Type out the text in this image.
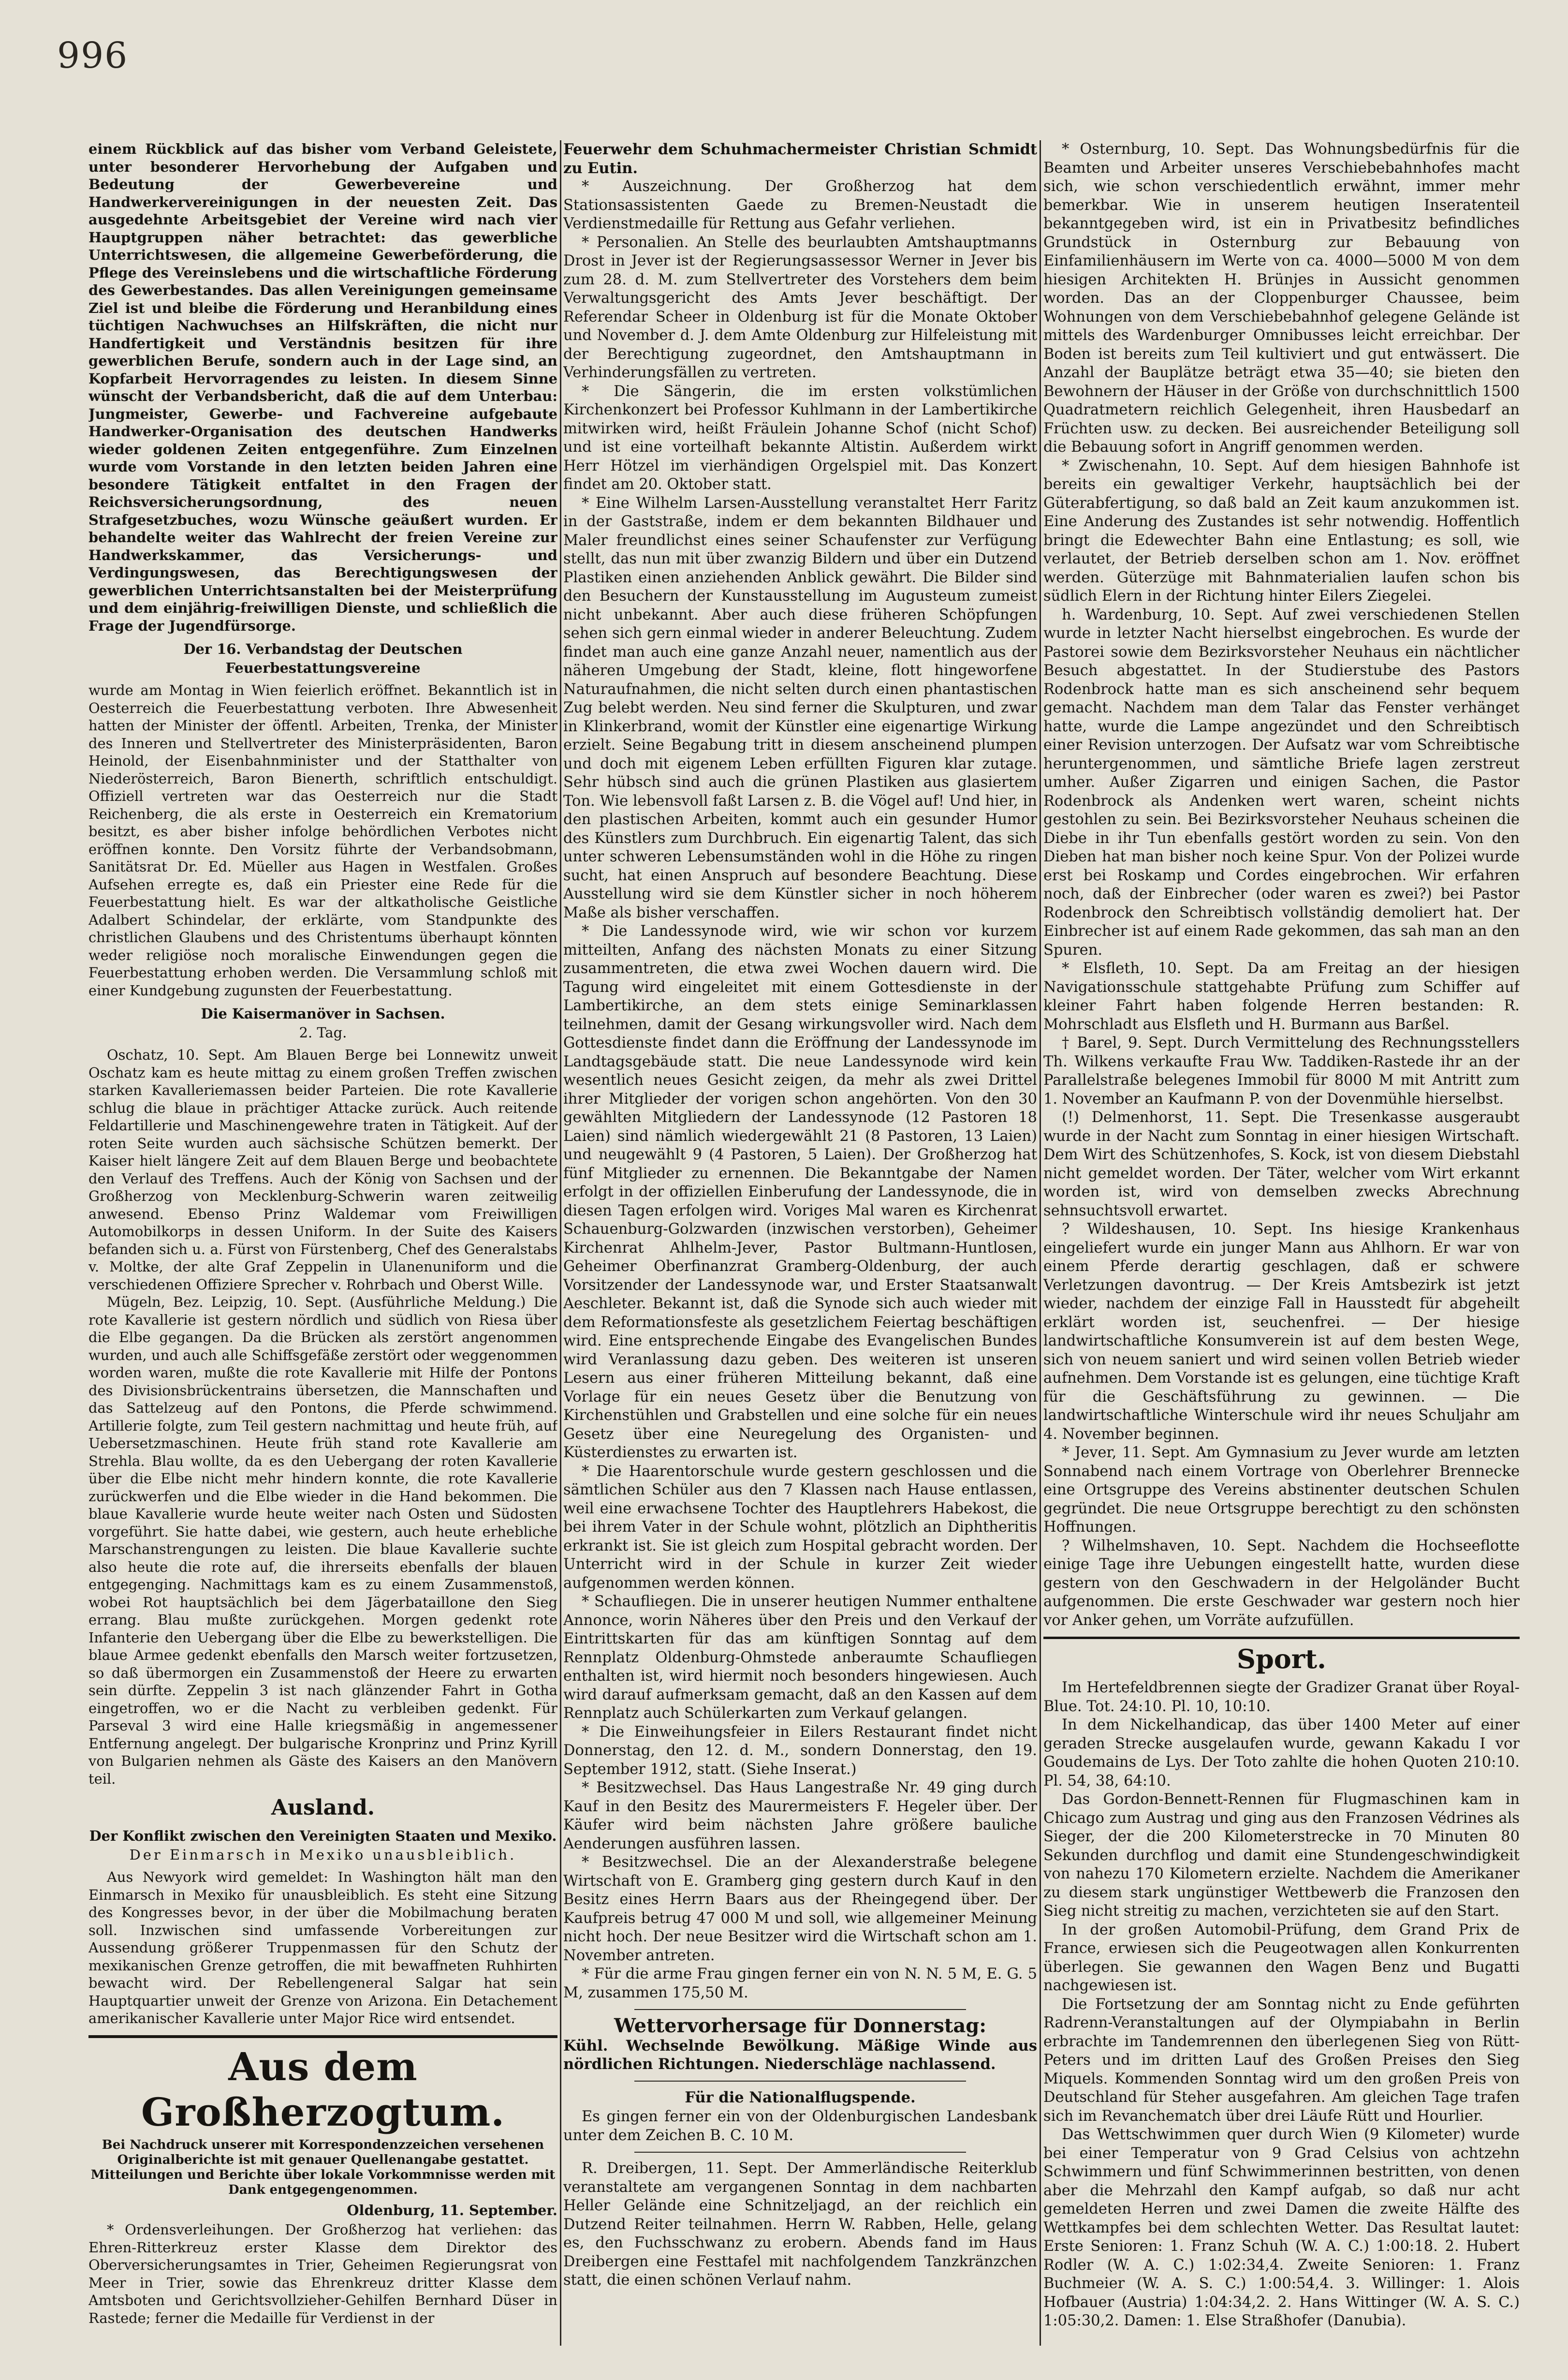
996

einem Rückblick auf das bisher vom Verband Geleistete, unter besonderer Hervorhebung der Aufgaben und Bedeutung der Gewerbevereine und Handwerkervereinigungen in der neuesten Zeit. Das ausgedehnte Arbeitsgebiet der Vereine wird nach vier Hauptgruppen näher betrachtet: das gewerbliche Unterrichtswesen, die allgemeine Gewerbeförderung, die Pflege des Vereinslebens und die wirtschaftliche Förderung des Gewerbestandes. Das allen Vereinigungen gemeinsame Ziel ist und bleibe die Förderung und Heranbildung eines tüchtigen Nachwuchses an Hilfskräften, die nicht nur Handfertigkeit und Verständnis besitzen für ihre gewerblichen Berufe, sondern auch in der Lage sind, an Kopfarbeit Hervorragendes zu leisten. In diesem Sinne wünscht der Verbandsbericht, daß die auf dem Unterbau: Jungmeister, Gewerbe- und Fachvereine aufgebaute Handwerker-Organisation des deutschen Handwerks wieder goldenen Zeiten entgegenführe. Zum Einzelnen wurde vom Vorstande in den letzten beiden Jahren eine besondere Tätigkeit entfaltet in den Fragen der Reichsversicherungsordnung, des neuen Strafgesetzbuches, wozu Wünsche geäußert wurden. Er behandelte weiter das Wahlrecht der freien Vereine zur Handwerkskammer, das Versicherungs- und Verdingungswesen, das Berechtigungswesen der gewerblichen Unterrichtsanstalten bei der Meisterprüfung und dem einjährig-freiwilligen Dienste, und schließlich die Frage der Jugendfürsorge.

Der 16. Verbandstag der Deutschen

Feuerbestattungsvereine

wurde am Montag in Wien feierlich eröffnet. Bekanntlich ist in Oesterreich die Feuerbestattung verboten. Ihre Abwesenheit hatten der Minister der öffentl. Arbeiten, Trenka, der Minister des Inneren und Stellvertreter des Ministerpräsidenten, Baron Heinold, der Eisenbahnminister und der Statthalter von Niederösterreich, Baron Bienerth, schriftlich entschuldigt. Offiziell vertreten war das Oesterreich nur die Stadt Reichenberg, die als erste in Oesterreich ein Krematorium besitzt, es aber bisher infolge behördlichen Verbotes nicht eröffnen konnte. Den Vorsitz führte der Verbandsobmann, Sanitätsrat Dr. Ed. Müeller aus Hagen in Westfalen. Großes Aufsehen erregte es, daß ein Priester eine Rede für die Feuerbestattung hielt. Es war der altkatholische Geistliche Adalbert Schindelar, der erklärte, vom Standpunkte des christlichen Glaubens und des Christentums überhaupt könnten weder religiöse noch moralische Einwendungen gegen die Feuerbestattung erhoben werden. Die Versammlung schloß mit einer Kundgebung zugunsten der Feuerbestattung.

Die Kaisermanöver in Sachsen.

2. Tag.

Oschatz, 10. Sept. Am Blauen Berge bei Lonnewitz unweit Oschatz kam es heute mittag zu einem großen Treffen zwischen starken Kavalleriemassen beider Parteien. Die rote Kavallerie schlug die blaue in prächtiger Attacke zurück. Auch reitende Feldartillerie und Maschinengewehre traten in Tätigkeit. Auf der roten Seite wurden auch sächsische Schützen bemerkt. Der Kaiser hielt längere Zeit auf dem Blauen Berge und beobachtete den Verlauf des Treffens. Auch der König von Sachsen und der Großherzog von Mecklenburg-Schwerin waren zeitweilig anwesend. Ebenso Prinz Waldemar vom Freiwilligen Automobilkorps in dessen Uniform. In der Suite des Kaisers befanden sich u. a. Fürst von Fürstenberg, Chef des Generalstabs v. Moltke, der alte Graf Zeppelin in Ulanenuniform und die verschiedenen Offiziere Sprecher v. Rohrbach und Oberst Wille.

Mügeln, Bez. Leipzig, 10. Sept. (Ausführliche Meldung.) Die rote Kavallerie ist gestern nördlich und südlich von Riesa über die Elbe gegangen. Da die Brücken als zerstört angenommen wurden, und auch alle Schiffsgefäße zerstört oder weggenommen worden waren, mußte die rote Kavallerie mit Hilfe der Pontons des Divisionsbrückentrains übersetzen, die Mannschaften und das Sattelzeug auf den Pontons, die Pferde schwimmend. Artillerie folgte, zum Teil gestern nachmittag und heute früh, auf Uebersetzmaschinen. Heute früh stand rote Kavallerie am Strehla. Blau wollte, da es den Uebergang der roten Kavallerie über die Elbe nicht mehr hindern konnte, die rote Kavallerie zurückwerfen und die Elbe wieder in die Hand bekommen. Die blaue Kavallerie wurde heute weiter nach Osten und Südosten vorgeführt. Sie hatte dabei, wie gestern, auch heute erhebliche Marschanstrengungen zu leisten. Die blaue Kavallerie suchte also heute die rote auf, die ihrerseits ebenfalls der blauen entgegenging. Nachmittags kam es zu einem Zusammenstoß, wobei Rot hauptsächlich bei dem Jägerbataillone den Sieg errang. Blau mußte zurückgehen. Morgen gedenkt rote Infanterie den Uebergang über die Elbe zu bewerkstelligen. Die blaue Armee gedenkt ebenfalls den Marsch weiter fortzusetzen, so daß übermorgen ein Zusammenstoß der Heere zu erwarten sein dürfte. Zeppelin 3 ist nach glänzender Fahrt in Gotha eingetroffen, wo er die Nacht zu verbleiben gedenkt. Für Parseval 3 wird eine Halle kriegsmäßig in angemessener Entfernung angelegt. Der bulgarische Kronprinz und Prinz Kyrill von Bulgarien nehmen als Gäste des Kaisers an den Manövern teil.

Ausland.

Der Konflikt zwischen den Vereinigten Staaten und Mexiko.

Der Einmarsch in Mexiko unausbleiblich.

Aus Newyork wird gemeldet: In Washington hält man den Einmarsch in Mexiko für unausbleiblich. Es steht eine Sitzung des Kongresses bevor, in der über die Mobilmachung beraten soll. Inzwischen sind umfassende Vorbereitungen zur Aussendung größerer Truppenmassen für den Schutz der mexikanischen Grenze getroffen, die mit bewaffneten Ruhhirten bewacht wird. Der Rebellengeneral Salgar hat sein Hauptquartier unweit der Grenze von Arizona. Ein Detachement amerikanischer Kavallerie unter Major Rice wird entsendet.

Aus dem Großherzogtum.

Bei Nachdruck unserer mit Korrespondenzzeichen versehenen Originalberichte ist mit genauer Quellenangabe gestattet. Mitteilungen und Berichte über lokale Vorkommnisse werden mit Dank entgegengenommen.

Oldenburg, 11. September.

* Ordensverleihungen. Der Großherzog hat verliehen: das Ehren-Ritterkreuz erster Klasse dem Direktor des Oberversicherungsamtes in Trier, Geheimen Regierungsrat von Meer in Trier, sowie das Ehrenkreuz dritter Klasse dem Amtsboten und Gerichtsvollzieher-Gehilfen Bernhard Düser in Rastede; ferner die Medaille für Verdienst in der

Feuerwehr dem Schuhmachermeister Christian Schmidt zu Eutin.

* Auszeichnung. Der Großherzog hat dem Stationsassistenten Gaede zu Bremen-Neustadt die Verdienstmedaille für Rettung aus Gefahr verliehen.

* Personalien. An Stelle des beurlaubten Amtshauptmanns Drost in Jever ist der Regierungsassessor Werner in Jever bis zum 28. d. M. zum Stellvertreter des Vorstehers dem beim Verwaltungsgericht des Amts Jever beschäftigt. Der Referendar Scheer in Oldenburg ist für die Monate Oktober und November d. J. dem Amte Oldenburg zur Hilfeleistung mit der Berechtigung zugeordnet, den Amtshauptmann in Verhinderungsfällen zu vertreten.

* Die Sängerin, die im ersten volkstümlichen Kirchenkonzert bei Professor Kuhlmann in der Lambertikirche mitwirken wird, heißt Fräulein Johanne Schof (nicht Schof) und ist eine vorteilhaft bekannte Altistin. Außerdem wirkt Herr Hötzel im vierhändigen Orgelspiel mit. Das Konzert findet am 20. Oktober statt.

* Eine Wilhelm Larsen-Ausstellung veranstaltet Herr Faritz in der Gaststraße, indem er dem bekannten Bildhauer und Maler freundlichst eines seiner Schaufenster zur Verfügung stellt, das nun mit über zwanzig Bildern und über ein Dutzend Plastiken einen anziehenden Anblick gewährt. Die Bilder sind den Besuchern der Kunstausstellung im Augusteum zumeist nicht unbekannt. Aber auch diese früheren Schöpfungen sehen sich gern einmal wieder in anderer Beleuchtung. Zudem findet man auch eine ganze Anzahl neuer, namentlich aus der näheren Umgebung der Stadt, kleine, flott hingeworfene Naturaufnahmen, die nicht selten durch einen phantastischen Zug belebt werden. Neu sind ferner die Skulpturen, und zwar in Klinkerbrand, womit der Künstler eine eigenartige Wirkung erzielt. Seine Begabung tritt in diesem anscheinend plumpen und doch mit eigenem Leben erfüllten Figuren klar zutage. Sehr hübsch sind auch die grünen Plastiken aus glasiertem Ton. Wie lebensvoll faßt Larsen z. B. die Vögel auf! Und hier, in den plastischen Arbeiten, kommt auch ein gesunder Humor des Künstlers zum Durchbruch. Ein eigenartig Talent, das sich unter schweren Lebensumständen wohl in die Höhe zu ringen sucht, hat einen Anspruch auf besondere Beachtung. Diese Ausstellung wird sie dem Künstler sicher in noch höherem Maße als bisher verschaffen.

* Die Landessynode wird, wie wir schon vor kurzem mitteilten, Anfang des nächsten Monats zu einer Sitzung zusammentreten, die etwa zwei Wochen dauern wird. Die Tagung wird eingeleitet mit einem Gottesdienste in der Lambertikirche, an dem stets einige Seminarklassen teilnehmen, damit der Gesang wirkungsvoller wird. Nach dem Gottesdienste findet dann die Eröffnung der Landessynode im Landtagsgebäude statt. Die neue Landessynode wird kein wesentlich neues Gesicht zeigen, da mehr als zwei Drittel ihrer Mitglieder der vorigen schon angehörten. Von den 30 gewählten Mitgliedern der Landessynode (12 Pastoren 18 Laien) sind nämlich wiedergewählt 21 (8 Pastoren, 13 Laien) und neugewählt 9 (4 Pastoren, 5 Laien). Der Großherzog hat fünf Mitglieder zu ernennen. Die Bekanntgabe der Namen erfolgt in der offiziellen Einberufung der Landessynode, die in diesen Tagen erfolgen wird. Voriges Mal waren es Kirchenrat Schauenburg-Golzwarden (inzwischen verstorben), Geheimer Kirchenrat Ahlhelm-Jever, Pastor Bultmann-Huntlosen, Geheimer Oberfinanzrat Gramberg-Oldenburg, der auch Vorsitzender der Landessynode war, und Erster Staatsanwalt Aeschleter. Bekannt ist, daß die Synode sich auch wieder mit dem Reformationsfeste als gesetzlichem Feiertag beschäftigen wird. Eine entsprechende Eingabe des Evangelischen Bundes wird Veranlassung dazu geben. Des weiteren ist unseren Lesern aus einer früheren Mitteilung bekannt, daß eine Vorlage für ein neues Gesetz über die Benutzung von Kirchenstühlen und Grabstellen und eine solche für ein neues Gesetz über eine Neuregelung des Organisten- und Küsterdienstes zu erwarten ist.

* Die Haarentorschule wurde gestern geschlossen und die sämtlichen Schüler aus den 7 Klassen nach Hause entlassen, weil eine erwachsene Tochter des Hauptlehrers Habekost, die bei ihrem Vater in der Schule wohnt, plötzlich an Diphtheritis erkrankt ist. Sie ist gleich zum Hospital gebracht worden. Der Unterricht wird in der Schule in kurzer Zeit wieder aufgenommen werden können.

* Schaufliegen. Die in unserer heutigen Nummer enthaltene Annonce, worin Näheres über den Preis und den Verkauf der Eintrittskarten für das am künftigen Sonntag auf dem Rennplatz Oldenburg-Ohmstede anberaumte Schaufliegen enthalten ist, wird hiermit noch besonders hingewiesen. Auch wird darauf aufmerksam gemacht, daß an den Kassen auf dem Rennplatz auch Schülerkarten zum Verkauf gelangen.

* Die Einweihungsfeier in Eilers Restaurant findet nicht Donnerstag, den 12. d. M., sondern Donnerstag, den 19. September 1912, statt. (Siehe Inserat.)

* Besitzwechsel. Das Haus Langestraße Nr. 49 ging durch Kauf in den Besitz des Maurermeisters F. Hegeler über. Der Käufer wird beim nächsten Jahre größere bauliche Aenderungen ausführen lassen.

* Besitzwechsel. Die an der Alexanderstraße belegene Wirtschaft von E. Gramberg ging gestern durch Kauf in den Besitz eines Herrn Baars aus der Rheingegend über. Der Kaufpreis betrug 47 000 M und soll, wie allgemeiner Meinung nicht hoch. Der neue Besitzer wird die Wirtschaft schon am 1. November antreten.

* Für die arme Frau gingen ferner ein von N. N. 5 M, E. G. 5 M, zusammen 175,50 M.

Wettervorhersage für Donnerstag:

Kühl. Wechselnde Bewölkung. Mäßige Winde aus nördlichen Richtungen. Niederschläge nachlassend.

Für die Nationalflugspende.

Es gingen ferner ein von der Oldenburgischen Landesbank unter dem Zeichen B. C. 10 M.

R. Dreibergen, 11. Sept. Der Ammerländische Reiterklub veranstaltete am vergangenen Sonntag in dem nachbarten Heller Gelände eine Schnitzeljagd, an der reichlich ein Dutzend Reiter teilnahmen. Herrn W. Rabben, Helle, gelang es, den Fuchsschwanz zu erobern. Abends fand im Haus Dreibergen eine Festtafel mit nachfolgendem Tanzkränzchen statt, die einen schönen Verlauf nahm.

* Osternburg, 10. Sept. Das Wohnungsbedürfnis für die Beamten und Arbeiter unseres Verschiebebahnhofes macht sich, wie schon verschiedentlich erwähnt, immer mehr bemerkbar. Wie in unserem heutigen Inseratenteil bekanntgegeben wird, ist ein in Privatbesitz befindliches Grundstück in Osternburg zur Bebauung von Einfamilienhäusern im Werte von ca. 4000—5000 M von dem hiesigen Architekten H. Brünjes in Aussicht genommen worden. Das an der Cloppenburger Chaussee, beim Wohnungen von dem Verschiebebahnhof gelegene Gelände ist mittels des Wardenburger Omnibusses leicht erreichbar. Der Boden ist bereits zum Teil kultiviert und gut entwässert. Die Anzahl der Bauplätze beträgt etwa 35—40; sie bieten den Bewohnern der Häuser in der Größe von durchschnittlich 1500 Quadratmetern reichlich Gelegenheit, ihren Hausbedarf an Früchten usw. zu decken. Bei ausreichender Beteiligung soll die Bebauung sofort in Angriff genommen werden.

* Zwischenahn, 10. Sept. Auf dem hiesigen Bahnhofe ist bereits ein gewaltiger Verkehr, hauptsächlich bei der Güterabfertigung, so daß bald an Zeit kaum anzukommen ist. Eine Anderung des Zustandes ist sehr notwendig. Hoffentlich bringt die Edewechter Bahn eine Entlastung; es soll, wie verlautet, der Betrieb derselben schon am 1. Nov. eröffnet werden. Güterzüge mit Bahnmaterialien laufen schon bis südlich Elern in der Richtung hinter Eilers Ziegelei.

h. Wardenburg, 10. Sept. Auf zwei verschiedenen Stellen wurde in letzter Nacht hierselbst eingebrochen. Es wurde der Pastorei sowie dem Bezirksvorsteher Neuhaus ein nächtlicher Besuch abgestattet. In der Studierstube des Pastors Rodenbrock hatte man es sich anscheinend sehr bequem gemacht. Nachdem man dem Talar das Fenster verhänget hatte, wurde die Lampe angezündet und den Schreibtisch einer Revision unterzogen. Der Aufsatz war vom Schreibtische heruntergenommen, und sämtliche Briefe lagen zerstreut umher. Außer Zigarren und einigen Sachen, die Pastor Rodenbrock als Andenken wert waren, scheint nichts gestohlen zu sein. Bei Bezirksvorsteher Neuhaus scheinen die Diebe in ihr Tun ebenfalls gestört worden zu sein. Von den Dieben hat man bisher noch keine Spur. Von der Polizei wurde erst bei Roskamp und Cordes eingebrochen. Wir erfahren noch, daß der Einbrecher (oder waren es zwei?) bei Pastor Rodenbrock den Schreibtisch vollständig demoliert hat. Der Einbrecher ist auf einem Rade gekommen, das sah man an den Spuren.

* Elsfleth, 10. Sept. Da am Freitag an der hiesigen Navigationsschule stattgehabte Prüfung zum Schiffer auf kleiner Fahrt haben folgende Herren bestanden: R. Mohrschladt aus Elsfleth und H. Burmann aus Barßel.

† Barel, 9. Sept. Durch Vermittelung des Rechnungsstellers Th. Wilkens verkaufte Frau Ww. Taddiken-Rastede ihr an der Parallelstraße belegenes Immobil für 8000 M mit Antritt zum 1. November an Kaufmann P. von der Dovenmühle hierselbst.

(!) Delmenhorst, 11. Sept. Die Tresenkasse ausgeraubt wurde in der Nacht zum Sonntag in einer hiesigen Wirtschaft. Dem Wirt des Schützenhofes, S. Kock, ist von diesem Diebstahl nicht gemeldet worden. Der Täter, welcher vom Wirt erkannt worden ist, wird von demselben zwecks Abrechnung sehnsuchtsvoll erwartet.

? Wildeshausen, 10. Sept. Ins hiesige Krankenhaus eingeliefert wurde ein junger Mann aus Ahlhorn. Er war von einem Pferde derartig geschlagen, daß er schwere Verletzungen davontrug. — Der Kreis Amtsbezirk ist jetzt wieder, nachdem der einzige Fall in Hausstedt für abgeheilt erklärt worden ist, seuchenfrei. — Der hiesige landwirtschaftliche Konsumverein ist auf dem besten Wege, sich von neuem saniert und wird seinen vollen Betrieb wieder aufnehmen. Dem Vorstande ist es gelungen, eine tüchtige Kraft für die Geschäftsführung zu gewinnen. — Die landwirtschaftliche Winterschule wird ihr neues Schuljahr am 4. November beginnen.

* Jever, 11. Sept. Am Gymnasium zu Jever wurde am letzten Sonnabend nach einem Vortrage von Oberlehrer Brennecke eine Ortsgruppe des Vereins abstinenter deutschen Schulen gegründet. Die neue Ortsgruppe berechtigt zu den schönsten Hoffnungen.

? Wilhelmshaven, 10. Sept. Nachdem die Hochseeflotte einige Tage ihre Uebungen eingestellt hatte, wurden diese gestern von den Geschwadern in der Helgoländer Bucht aufgenommen. Die erste Geschwader war gestern noch hier vor Anker gehen, um Vorräte aufzufüllen.

Sport.

Im Hertefeldbrennen siegte der Gradizer Granat über Royal-Blue. Tot. 24:10. Pl. 10, 10:10.

In dem Nickelhandicap, das über 1400 Meter auf einer geraden Strecke ausgelaufen wurde, gewann Kakadu I vor Goudemains de Lys. Der Toto zahlte die hohen Quoten 210:10. Pl. 54, 38, 64:10.

Das Gordon-Bennett-Rennen für Flugmaschinen kam in Chicago zum Austrag und ging aus den Franzosen Védrines als Sieger, der die 200 Kilometerstrecke in 70 Minuten 80 Sekunden durchflog und damit eine Stundengeschwindigkeit von nahezu 170 Kilometern erzielte. Nachdem die Amerikaner zu diesem stark ungünstiger Wettbewerb die Franzosen den Sieg nicht streitig zu machen, verzichteten sie auf den Start.

In der großen Automobil-Prüfung, dem Grand Prix de France, erwiesen sich die Peugeotwagen allen Konkurrenten überlegen. Sie gewannen den Wagen Benz und Bugatti nachgewiesen ist.

Die Fortsetzung der am Sonntag nicht zu Ende geführten Radrenn-Veranstaltungen auf der Olympiabahn in Berlin erbrachte im Tandemrennen den überlegenen Sieg von Rütt-Peters und im dritten Lauf des Großen Preises den Sieg Miquels. Kommenden Sonntag wird um den großen Preis von Deutschland für Steher ausgefahren. Am gleichen Tage trafen sich im Revanchematch über drei Läufe Rütt und Hourlier.

Das Wettschwimmen quer durch Wien (9 Kilometer) wurde bei einer Temperatur von 9 Grad Celsius von achtzehn Schwimmern und fünf Schwimmerinnen bestritten, von denen aber die Mehrzahl den Kampf aufgab, so daß nur acht gemeldeten Herren und zwei Damen die zweite Hälfte des Wettkampfes bei dem schlechten Wetter. Das Resultat lautet: Erste Senioren: 1. Franz Schuh (W. A. C.) 1:00:18. 2. Hubert Rodler (W. A. C.) 1:02:34,4. Zweite Senioren: 1. Franz Buchmeier (W. A. S. C.) 1:00:54,4. 3. Willinger: 1. Alois Hofbauer (Austria) 1:04:34,2. 2. Hans Wittinger (W. A. S. C.) 1:05:30,2. Damen: 1. Else Straßhofer (Danubia).
